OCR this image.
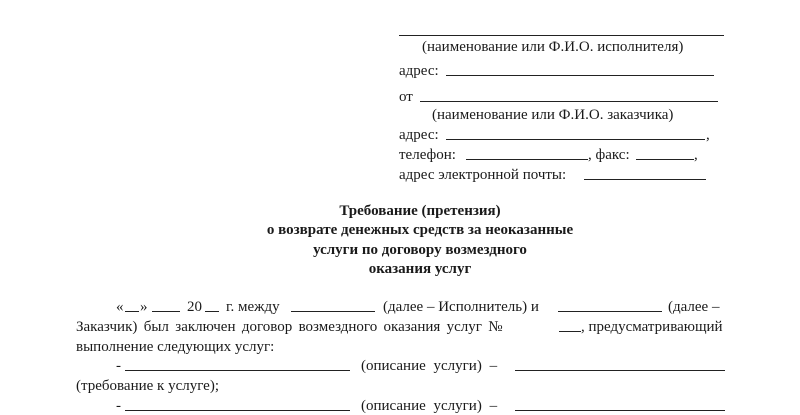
(наименование или Ф.И.О. исполнителя)
адрес:
от
(наименование или Ф.И.О. заказчика)
адрес:	,
телефон:	, факс:	,
адрес электронной почты:
Требование (претензия)
о возврате денежных средств за неоказанные
услуги по договору возмездного
оказания услуг
« »	20 г. между	(далее – Исполнитель) и	(далее –
Заказчик) был заключен договор возмездного оказания услуг №	, предусматривающий
выполнение следующих услуг:
-	(описание услуги) –
(требование к услуге);
-	(описание услуги) –
